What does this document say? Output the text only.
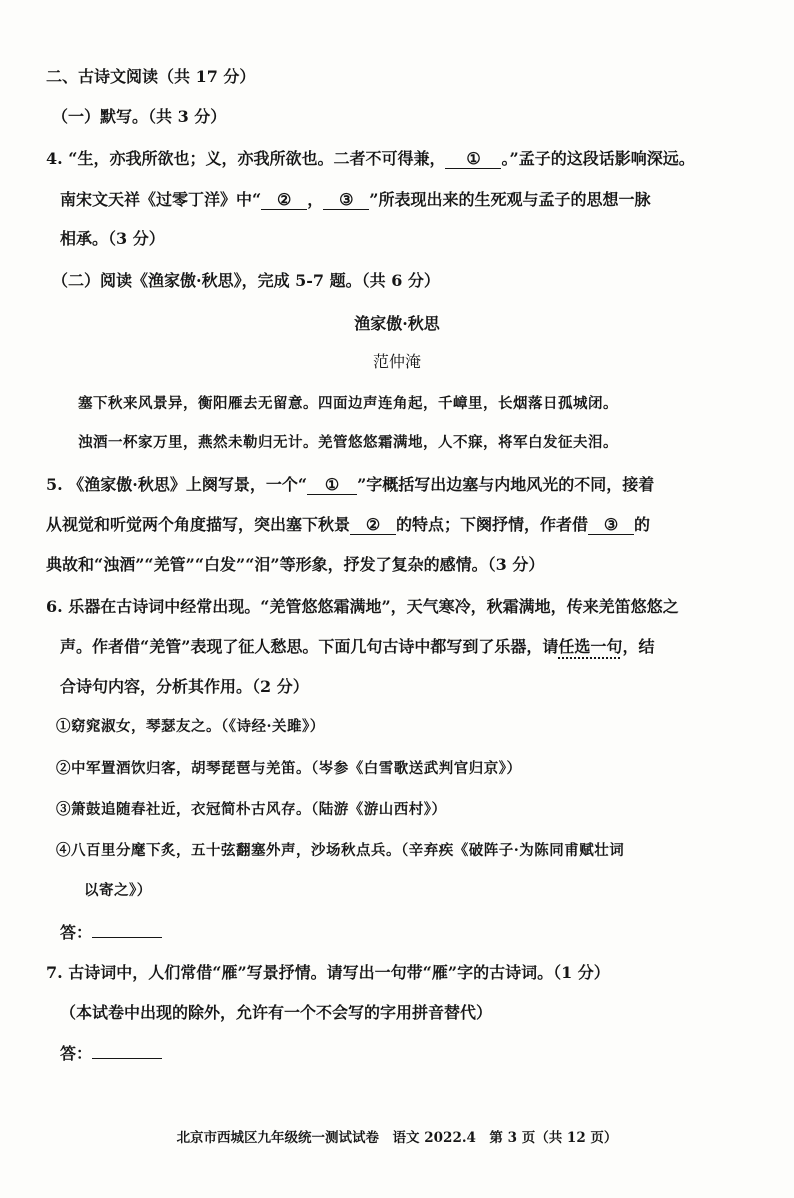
二、古诗文阅读（共 17 分）
（一）默写。（共 3 分）
4. “生，亦我所欲也；义，亦我所欲也。二者不可得兼， ① 。”孟子的这段话影响深远。
南宋文天祥《过零丁洋》中“ ② ， ③ ”所表现出来的生死观与孟子的思想一脉
相承。（3 分）
（二）阅读《渔家傲·秋思》，完成 5-7 题。（共 6 分）
渔家傲·秋思
范仲淹
塞下秋来风景异，衡阳雁去无留意。四面边声连角起，千嶂里，长烟落日孤城闭。
浊酒一杯家万里，燕然未勒归无计。羌管悠悠霜满地，人不寐，将军白发征夫泪。
5. 《渔家傲·秋思》上阕写景，一个“ ① ”字概括写出边塞与内地风光的不同，接着
从视觉和听觉两个角度描写，突出塞下秋景 ② 的特点；下阕抒情，作者借 ③ 的
典故和“浊酒”“羌管”“白发”“泪”等形象，抒发了复杂的感情。（3 分）
6. 乐器在古诗词中经常出现。“羌管悠悠霜满地”，天气寒冷，秋霜满地，传来羌笛悠悠之
声。作者借“羌管”表现了征人愁思。下面几句古诗中都写到了乐器，请任选一句，结
合诗句内容，分析其作用。（2 分）
①窈窕淑女，琴瑟友之。（《诗经·关雎》）
②中军置酒饮归客，胡琴琵琶与羌笛。（岑参《白雪歌送武判官归京》）
③箫鼓追随春社近，衣冠简朴古风存。（陆游《游山西村》）
④八百里分麾下炙，五十弦翻塞外声，沙场秋点兵。（辛弃疾《破阵子·为陈同甫赋壮词
以寄之》）
答：
7. 古诗词中，人们常借“雁”写景抒情。请写出一句带“雁”字的古诗词。（1 分）
（本试卷中出现的除外，允许有一个不会写的字用拼音替代）
答：
北京市西城区九年级统一测试试卷　语文 2022.4　第 3 页（共 12 页）
